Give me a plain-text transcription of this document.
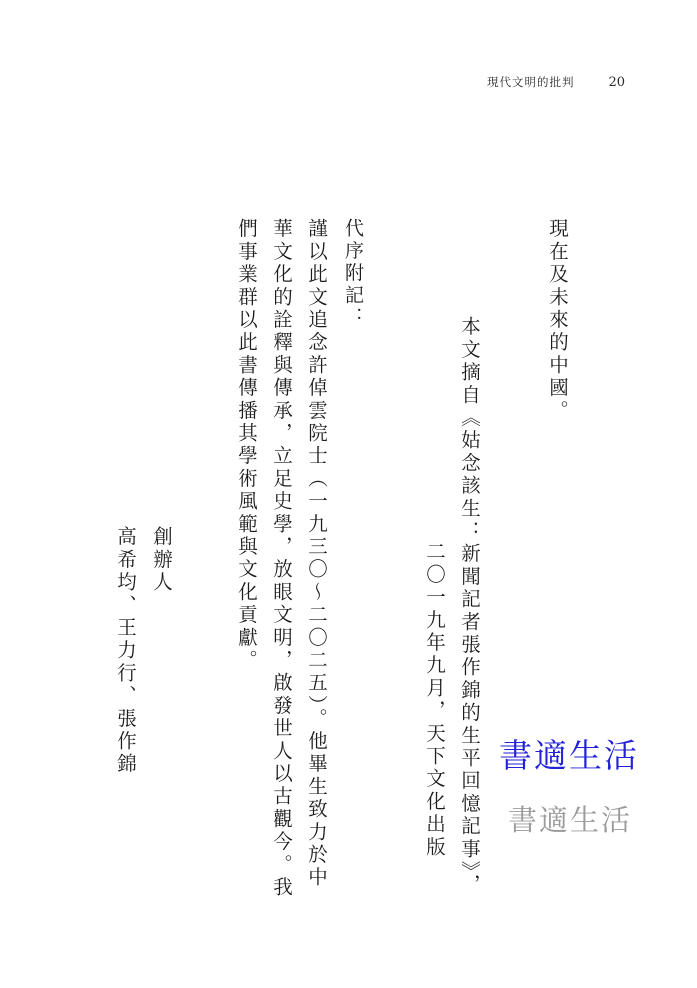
現代文明的批判	20
現在及未來的中國。
本文摘自《姑念該生：新聞記者張作錦的生平回憶記事》，
二〇一九年九月，天下文化出版
代序附記：
謹以此文追念許倬雲院士（一九三〇～二〇二五）。他畢生致力於中
華文化的詮釋與傳承，立足史學，放眼文明，啟發世人以古觀今。我
們事業群以此書傳播其學術風範與文化貢獻。
創辦人
高希均、王力行、張作錦	書適生活
書適生活
